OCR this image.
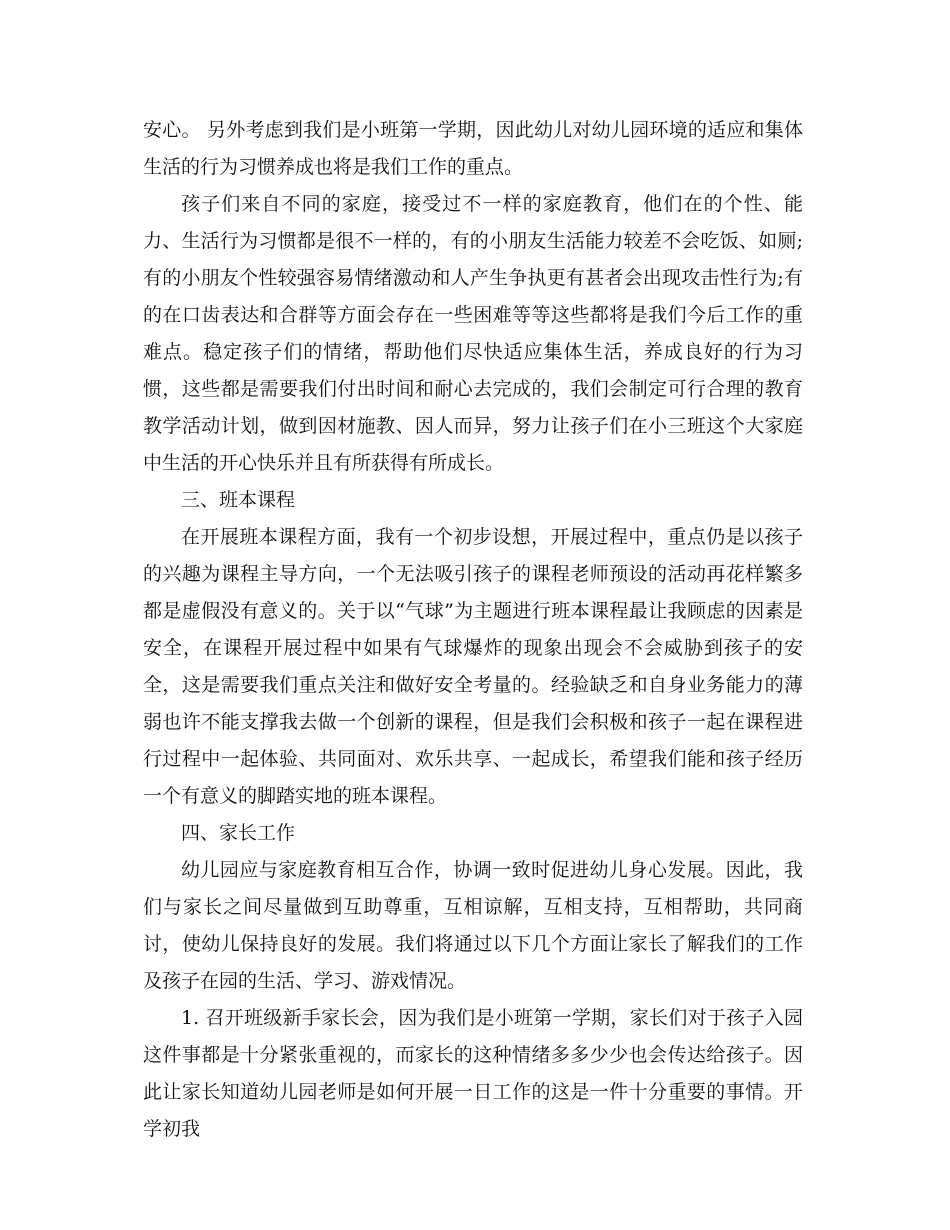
安心。 另外考虑到我们是小班第一学期，因此幼儿对幼儿园环境的适应和集体生活的行为习惯养成也将是我们工作的重点。

孩子们来自不同的家庭，接受过不一样的家庭教育，他们在的个性、能力、生活行为习惯都是很不一样的，有的小朋友生活能力较差不会吃饭、如厕;有的小朋友个性较强容易情绪激动和人产生争执更有甚者会出现攻击性行为;有的在口齿表达和合群等方面会存在一些困难等等这些都将是我们今后工作的重难点。稳定孩子们的情绪，帮助他们尽快适应集体生活，养成良好的行为习惯，这些都是需要我们付出时间和耐心去完成的，我们会制定可行合理的教育教学活动计划，做到因材施教、因人而异，努力让孩子们在小三班这个大家庭中生活的开心快乐并且有所获得有所成长。

三、班本课程

在开展班本课程方面，我有一个初步设想，开展过程中，重点仍是以孩子的兴趣为课程主导方向，一个无法吸引孩子的课程老师预设的活动再花样繁多都是虚假没有意义的。关于以“气球”为主题进行班本课程最让我顾虑的因素是安全，在课程开展过程中如果有气球爆炸的现象出现会不会威胁到孩子的安全，这是需要我们重点关注和做好安全考量的。经验缺乏和自身业务能力的薄弱也许不能支撑我去做一个创新的课程，但是我们会积极和孩子一起在课程进行过程中一起体验、共同面对、欢乐共享、一起成长，希望我们能和孩子经历一个有意义的脚踏实地的班本课程。

四、家长工作

幼儿园应与家庭教育相互合作，协调一致时促进幼儿身心发展。因此，我们与家长之间尽量做到互助尊重，互相谅解，互相支持，互相帮助，共同商讨，使幼儿保持良好的发展。我们将通过以下几个方面让家长了解我们的工作及孩子在园的生活、学习、游戏情况。

1. 召开班级新手家长会，因为我们是小班第一学期，家长们对于孩子入园这件事都是十分紧张重视的，而家长的这种情绪多多少少也会传达给孩子。因此让家长知道幼儿园老师是如何开展一日工作的这是一件十分重要的事情。开学初我
